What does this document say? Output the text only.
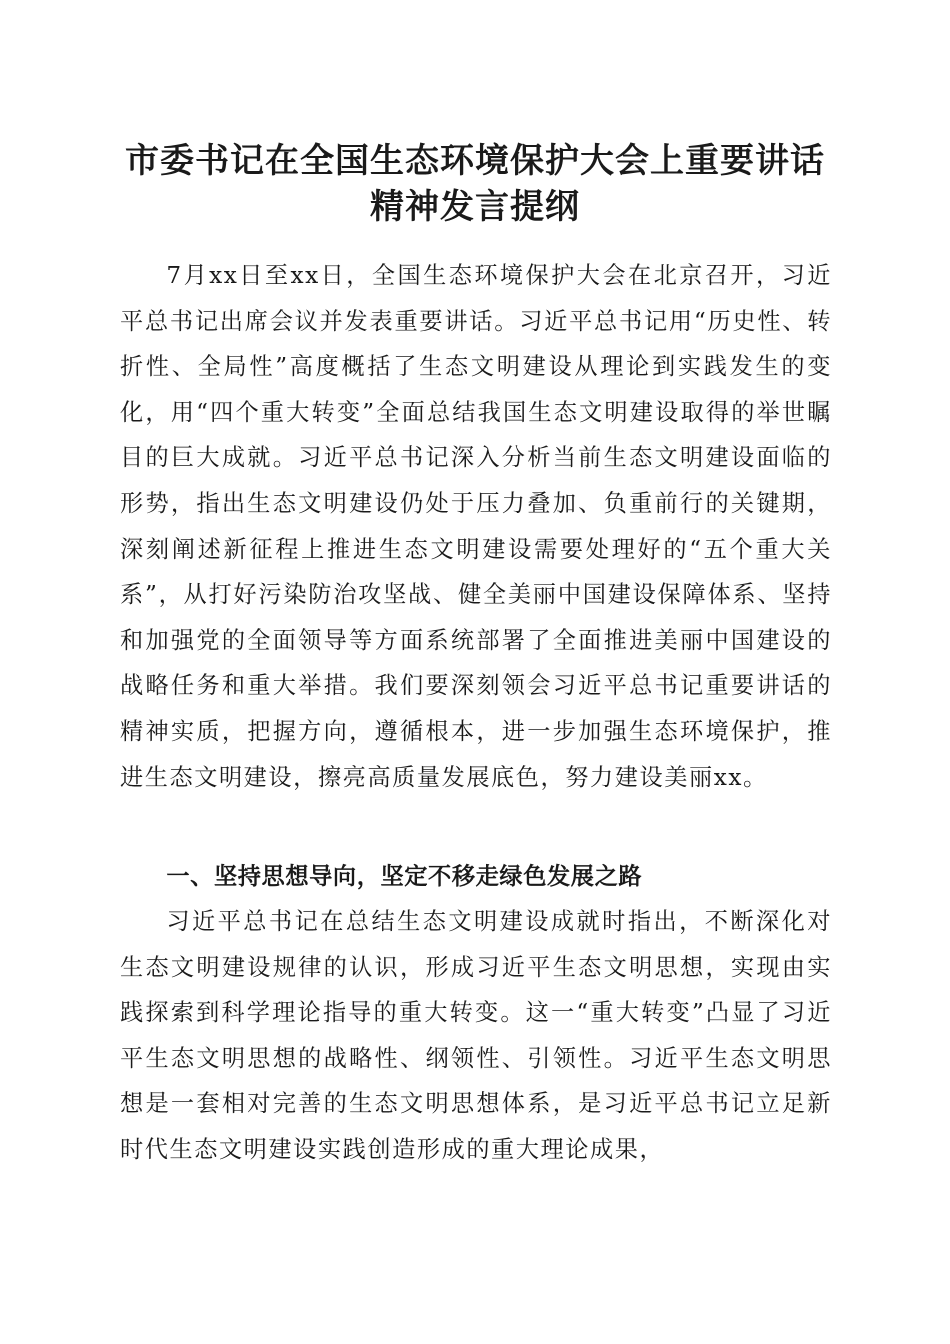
市委书记在全国生态环境保护大会上重要讲话
精神发言提纲

7月xx日至xx日，全国生态环境保护大会在北京召开，习近平总书记出席会议并发表重要讲话。习近平总书记用“历史性、转折性、全局性”高度概括了生态文明建设从理论到实践发生的变化，用“四个重大转变”全面总结我国生态文明建设取得的举世瞩目的巨大成就。习近平总书记深入分析当前生态文明建设面临的形势，指出生态文明建设仍处于压力叠加、负重前行的关键期，深刻阐述新征程上推进生态文明建设需要处理好的“五个重大关系”，从打好污染防治攻坚战、健全美丽中国建设保障体系、坚持和加强党的全面领导等方面系统部署了全面推进美丽中国建设的战略任务和重大举措。我们要深刻领会习近平总书记重要讲话的精神实质，把握方向，遵循根本，进一步加强生态环境保护，推进生态文明建设，擦亮高质量发展底色，努力建设美丽xx。

一、坚持思想导向，坚定不移走绿色发展之路

习近平总书记在总结生态文明建设成就时指出，不断深化对生态文明建设规律的认识，形成习近平生态文明思想，实现由实践探索到科学理论指导的重大转变。这一“重大转变”凸显了习近平生态文明思想的战略性、纲领性、引领性。习近平生态文明思想是一套相对完善的生态文明思想体系，是习近平总书记立足新时代生态文明建设实践创造形成的重大理论成果，
